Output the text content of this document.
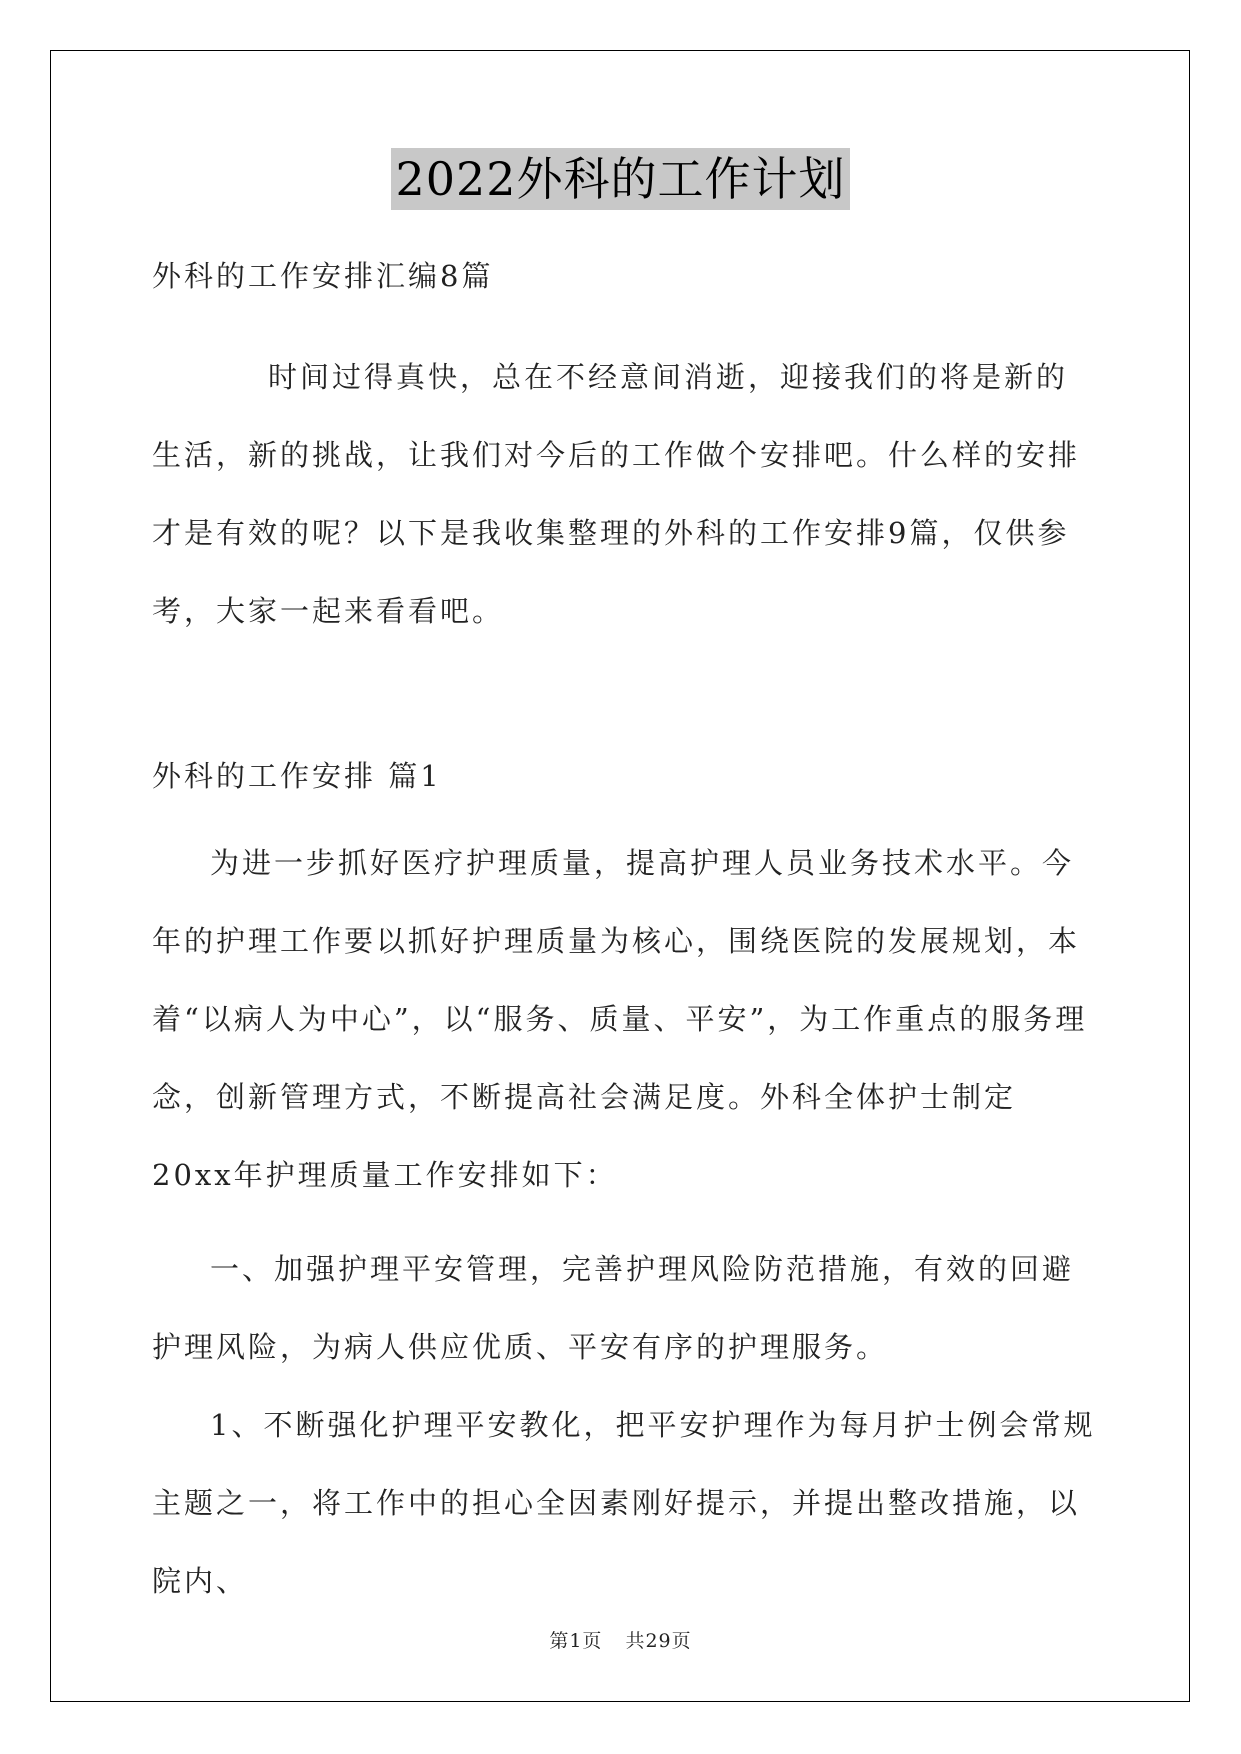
2022外科的工作计划

外科的工作安排汇编8篇

时间过得真快，总在不经意间消逝，迎接我们的将是新的生活，新的挑战，让我们对今后的工作做个安排吧。什么样的安排才是有效的呢？以下是我收集整理的外科的工作安排9篇，仅供参考，大家一起来看看吧。

外科的工作安排 篇1

为进一步抓好医疗护理质量，提高护理人员业务技术水平。今年的护理工作要以抓好护理质量为核心，围绕医院的发展规划，本着“以病人为中心”，以“服务、质量、平安”，为工作重点的服务理念，创新管理方式，不断提高社会满足度。外科全体护士制定20xx年护理质量工作安排如下：

一、加强护理平安管理，完善护理风险防范措施，有效的回避护理风险，为病人供应优质、平安有序的护理服务。

1、不断强化护理平安教化，把平安护理作为每月护士例会常规主题之一，将工作中的担心全因素刚好提示，并提出整改措施，以院内、

第1页 共29页
